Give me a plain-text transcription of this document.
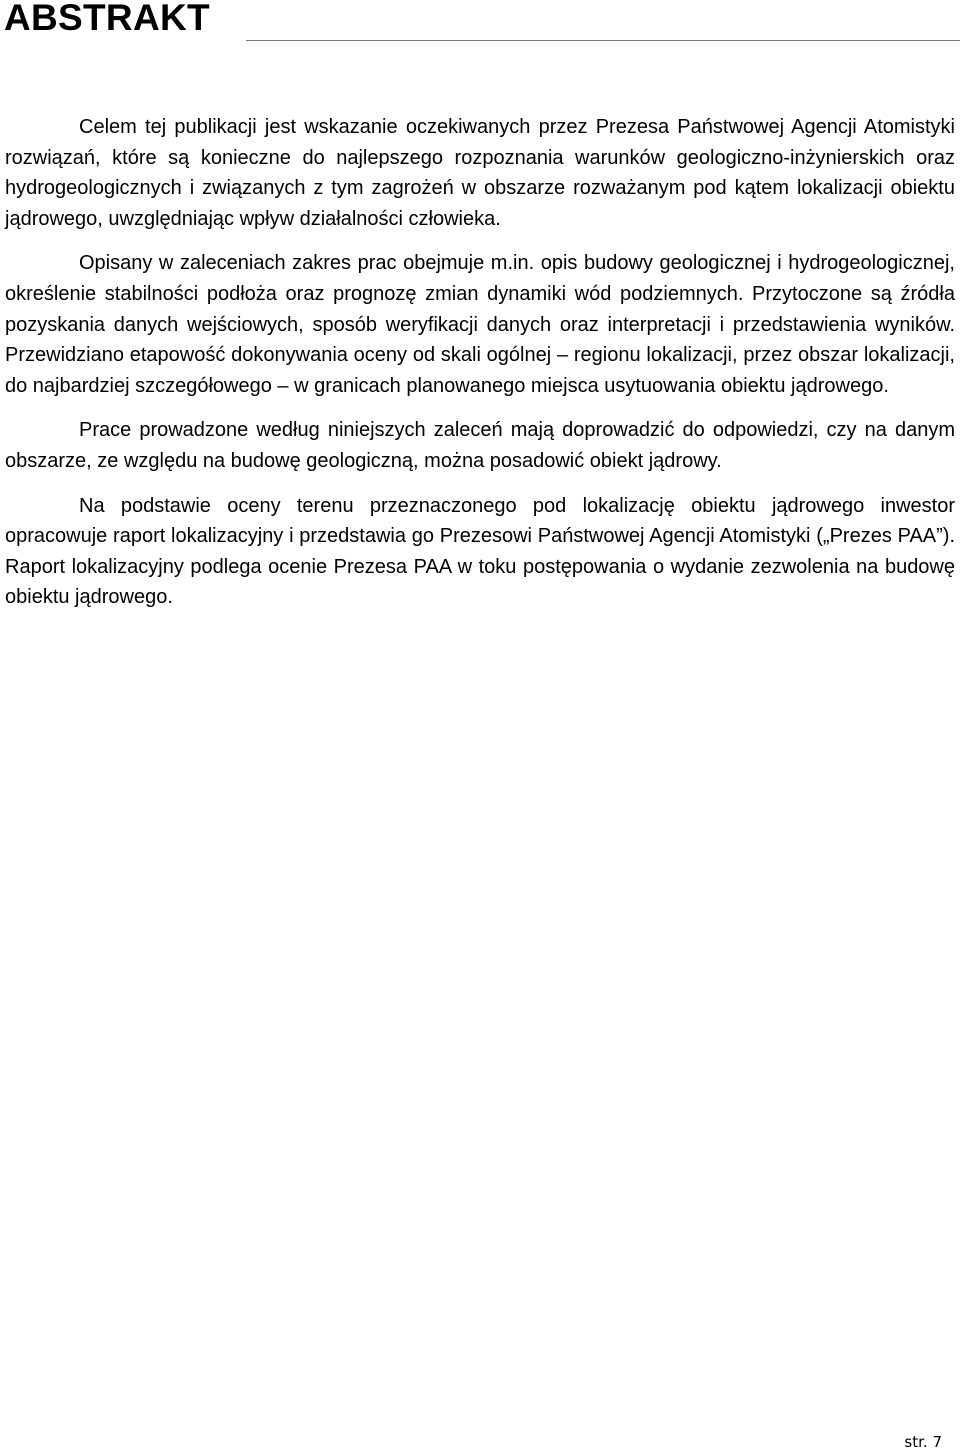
ABSTRAKT

Celem tej publikacji jest wskazanie oczekiwanych przez Prezesa Państwowej Agencji Atomistyki rozwiązań, które są konieczne do najlepszego rozpoznania warunków geologiczno-inżynierskich oraz hydrogeologicznych i związanych z tym zagrożeń w obszarze rozważanym pod kątem lokalizacji obiektu jądrowego, uwzględniając wpływ działalności człowieka.

Opisany w zaleceniach zakres prac obejmuje m.in. opis budowy geologicznej i hydrogeologicznej, określenie stabilności podłoża oraz prognozę zmian dynamiki wód podziemnych. Przytoczone są źródła pozyskania danych wejściowych, sposób weryfikacji danych oraz interpretacji i przedstawienia wyników. Przewidziano etapowość dokonywania oceny od skali ogólnej – regionu lokalizacji, przez obszar lokalizacji, do najbardziej szczegółowego – w granicach planowanego miejsca usytuowania obiektu jądrowego.

Prace prowadzone według niniejszych zaleceń mają doprowadzić do odpowiedzi, czy na danym obszarze, ze względu na budowę geologiczną, można posadowić obiekt jądrowy.

Na podstawie oceny terenu przeznaczonego pod lokalizację obiektu jądrowego inwestor opracowuje raport lokalizacyjny i przedstawia go Prezesowi Państwowej Agencji Atomistyki („Prezes PAA”). Raport lokalizacyjny podlega ocenie Prezesa PAA w toku postępowania o wydanie zezwolenia na budowę obiektu jądrowego.

str. 7
